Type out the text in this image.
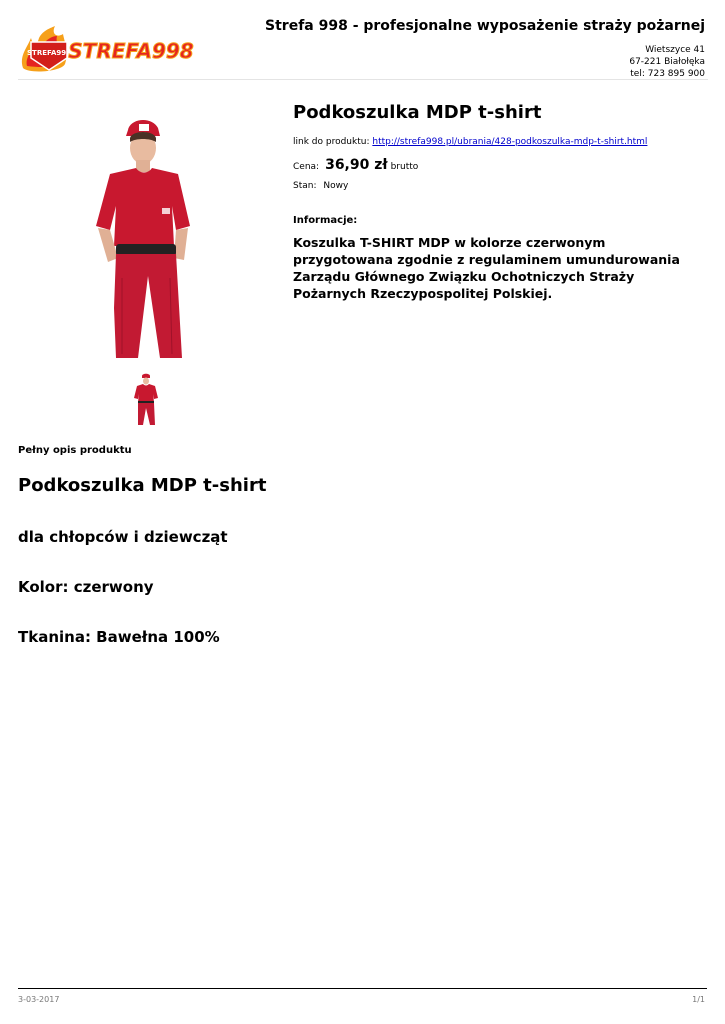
STREFA998
STREFA998
Strefa 998 - profesjonalne wyposażenie straży pożarnej
Wietszyce 41
67-221 Białołęka
tel: 723 895 900
Podkoszulka MDP t-shirt
link do produktu: http://strefa998.pl/ubrania/428-podkoszulka-mdp-t-shirt.html
Cena: 36,90 zł brutto
Stan: Nowy
Informacje:
Koszulka T-SHIRT MDP w kolorze czerwonym przygotowana zgodnie z regulaminem umundurowania Zarządu Głównego Związku Ochotniczych Straży Pożarnych Rzeczypospolitej Polskiej.
Pełny opis produktu
Podkoszulka MDP t-shirt
dla chłopców i dziewcząt
Kolor: czerwony
Tkanina: Bawełna 100%
3-03-2017	1/1
